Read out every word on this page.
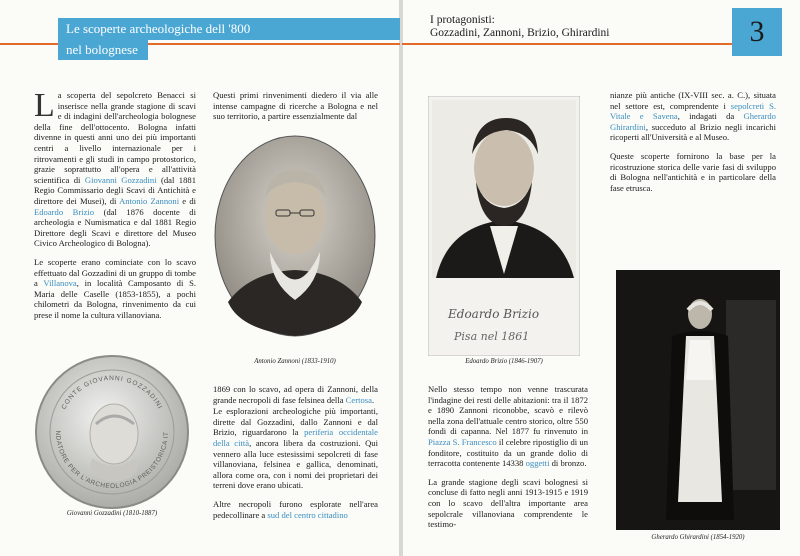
Le scoperte archeologiche dell '800
nel bolognese
I protagonisti:
Gozzadini, Zannoni, Brizio, Ghirardini	3

La scoperta del sepolcreto Benacci si inserisce nella grande stagione di scavi e di indagini dell'archeologia bolognese della fine dell'ottocento. Bologna infatti divenne in questi anni uno dei più importanti centri a livello internazionale per i ritrovamenti e gli studi in campo protostorico, grazie soprattutto all'opera e all'attività scientifica di Giovanni Gozzadini (dal 1881 Regio Commissario degli Scavi di Antichità e direttore dei Musei), di Antonio Zannoni e di Edoardo Brizio (dal 1876 docente di archeologia e Numismatica e dal 1881 Regio Direttore degli Scavi e direttore del Museo Civico Archeologico di Bologna).

Le scoperte erano cominciate con lo scavo effettuato dal Gozzadini di un gruppo di tombe a Villanova, in località Camposanto di S. Maria delle Caselle (1853-1855), a pochi chilometri da Bologna, rinvenimento da cui prese il nome la cultura villanoviana.

Questi primi rinvenimenti diedero il via alle intense campagne di ricerche a Bologna e nel suo territorio, a partire essenzialmente dal

Antonio Zannoni (1833-1910)
CONTE GIOVANNI GOZZADINI
NDATORE PER L'ARCHEOLOGIA PREISTORICA IT
Giovanni Gozzadini (1810-1887)

1869 con lo scavo, ad opera di Zannoni, della grande necropoli di fase felsinea della Certosa.

Le esplorazioni archeologiche più importanti, dirette dal Gozzadini, dallo Zannoni e dal Brizio, riguardarono la periferia occidentale della città, ancora libera da costruzioni. Qui vennero alla luce estesissimi sepolcreti di fase villanoviana, felsinea e gallica, denominati, allora come ora, con i nomi dei proprietari dei terreni dove erano ubicati.

Altre necropoli furono esplorate nell'area pedecollinare a sud del centro cittadino

Edoardo Brizio
Pisa nel 1861
Edoardo Brizio (1846-1907)

Nello stesso tempo non venne trascurata l'indagine dei resti delle abitazioni: tra il 1872 e 1890 Zannoni riconobbe, scavò e rilevò nella zona dell'attuale centro storico, oltre 550 fondi di capanna. Nel 1877 fu rinvenuto in Piazza S. Francesco il celebre ripostiglio di un fonditore, costituito da un grande dolio di terracotta contenente 14338 oggetti di bronzo.

La grande stagione degli scavi bolognesi si concluse di fatto negli anni 1913-1915 e 1919 con lo scavo dell'altra importante area sepolcrale villanoviana comprendente le testimo-

nianze più antiche (IX-VIII sec. a. C.), situata nel settore est, comprendente i sepolcreti S. Vitale e Savena, indagati da Gherardo Ghirardini, succeduto al Brizio negli incarichi ricoperti all'Università e al Museo.

Queste scoperte fornirono la base per la ricostruzione storica delle varie fasi di sviluppo di Bologna nell'antichità e in particolare della fase etrusca.

Gherardo Ghirardini (1854-1920)
